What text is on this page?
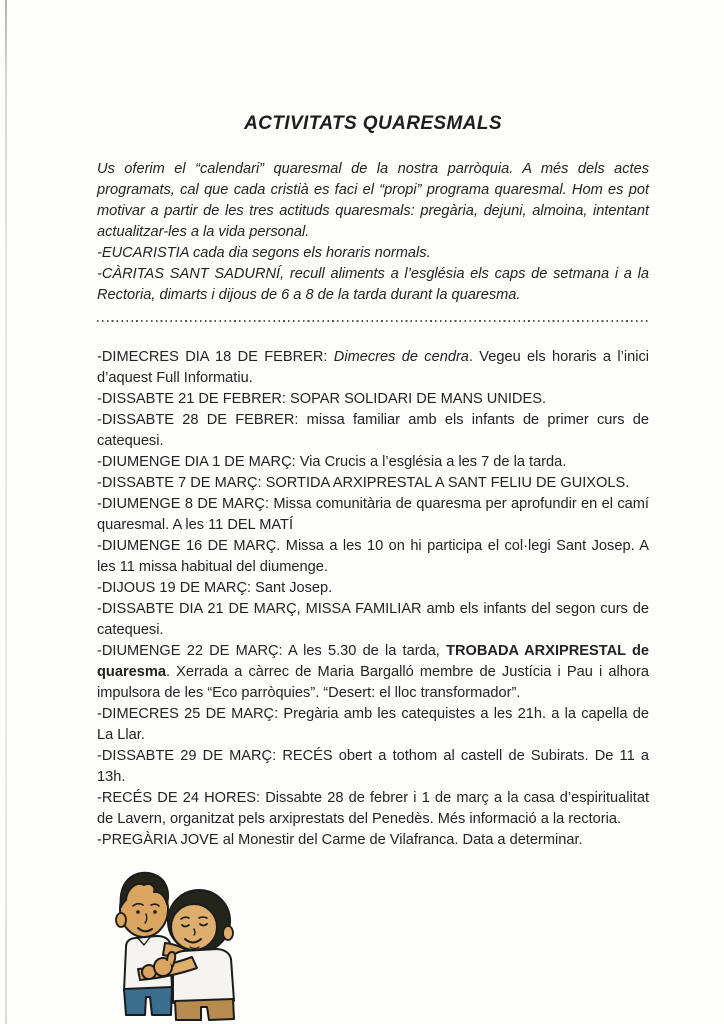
ACTIVITATS QUARESMALS

Us oferim el “calendari” quaresmal de la nostra parròquia. A més dels actes programats, cal que cada cristià es faci el “propi” programa quaresmal. Hom es pot motivar a partir de les tres actituds quaresmals: pregària, dejuni, almoina, intentant actualitzar-les a la vida personal.

-EUCARISTIA cada dia segons els horaris normals.

-CÀRITAS SANT SADURNÍ, recull aliments a l’església els caps de setmana i a la Rectoria, dimarts i dijous de 6 a 8 de la tarda durant la quaresma.

-DIMECRES DIA 18 DE FEBRER: Dimecres de cendra. Vegeu els horaris a l’inici d’aquest Full Informatiu.

-DISSABTE 21 DE FEBRER: SOPAR SOLIDARI DE MANS UNIDES.

-DISSABTE 28 DE FEBRER: missa familiar amb els infants de primer curs de catequesi.

-DIUMENGE DIA 1 DE MARÇ: Via Crucis a l’església a les 7 de la tarda.

-DISSABTE 7 DE MARÇ: SORTIDA ARXIPRESTAL A SANT FELIU DE GUIXOLS.

-DIUMENGE 8 DE MARÇ: Missa comunitària de quaresma per aprofundir en el camí quaresmal. A les 11 DEL MATÍ

-DIUMENGE 16 DE MARÇ. Missa a les 10 on hi participa el col·legi Sant Josep. A les 11 missa habitual del diumenge.

-DIJOUS 19 DE MARÇ: Sant Josep.

-DISSABTE DIA 21 DE MARÇ, MISSA FAMILIAR amb els infants del segon curs de catequesi.

-DIUMENGE 22 DE MARÇ: A les 5.30 de la tarda, TROBADA ARXIPRESTAL de quaresma. Xerrada a càrrec de Maria Bargalló membre de Justícia i Pau i alhora impulsora de les “Eco parròquies”. “Desert: el lloc transformador”.

-DIMECRES 25 DE MARÇ: Pregària amb les catequistes a les 21h. a la capella de La Llar.

-DISSABTE 29 DE MARÇ: RECÉS obert a tothom al castell de Subirats. De 11 a 13h.

-RECÉS DE 24 HORES: Dissabte 28 de febrer i 1 de març a la casa d’espiritualitat de Lavern, organitzat pels arxiprestats del Penedès. Més informació a la rectoria.

-PREGÀRIA JOVE al Monestir del Carme de Vilafranca. Data a determinar.
